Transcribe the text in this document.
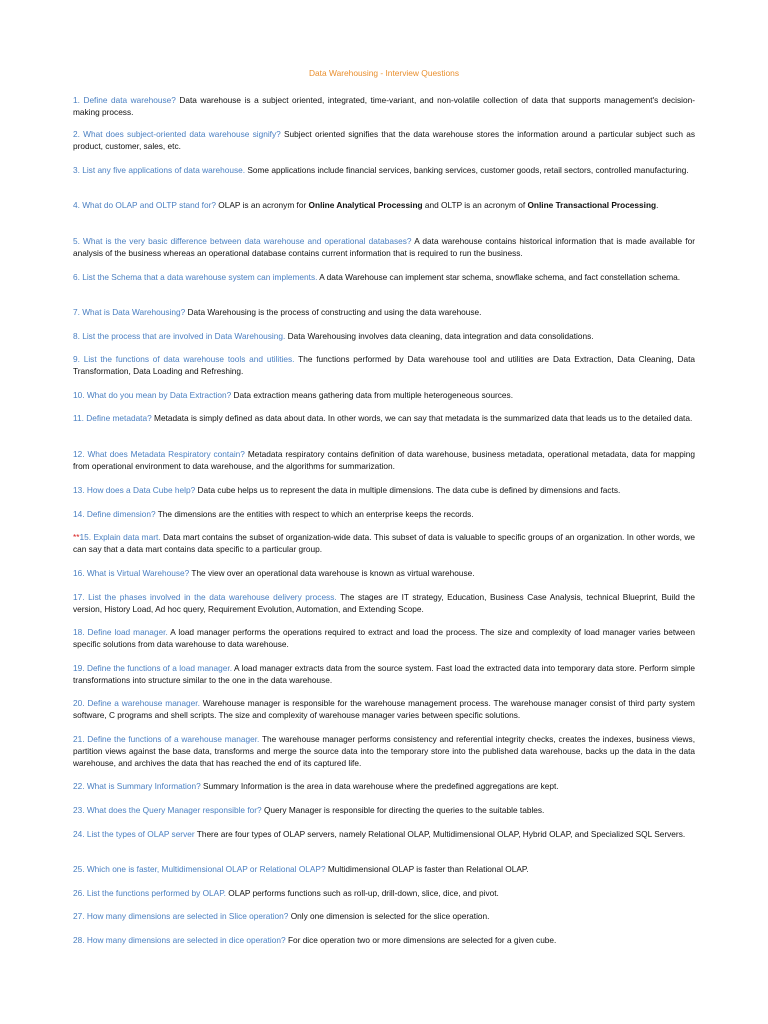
Data Warehousing - Interview Questions
1. Define data warehouse? Data warehouse is a subject oriented, integrated, time-variant, and non-volatile collection of data that supports management's decision-making process.
2. What does subject-oriented data warehouse signify? Subject oriented signifies that the data warehouse stores the information around a particular subject such as product, customer, sales, etc.
3. List any five applications of data warehouse. Some applications include financial services, banking services, customer goods, retail sectors, controlled manufacturing.
4. What do OLAP and OLTP stand for? OLAP is an acronym for Online Analytical Processing and OLTP is an acronym of Online Transactional Processing.
5. What is the very basic difference between data warehouse and operational databases? A data warehouse contains historical information that is made available for analysis of the business whereas an operational database contains current information that is required to run the business.
6. List the Schema that a data warehouse system can implements. A data Warehouse can implement star schema, snowflake schema, and fact constellation schema.
7. What is Data Warehousing? Data Warehousing is the process of constructing and using the data warehouse.
8. List the process that are involved in Data Warehousing. Data Warehousing involves data cleaning, data integration and data consolidations.
9. List the functions of data warehouse tools and utilities. The functions performed by Data warehouse tool and utilities are Data Extraction, Data Cleaning, Data Transformation, Data Loading and Refreshing.
10. What do you mean by Data Extraction? Data extraction means gathering data from multiple heterogeneous sources.
11. Define metadata? Metadata is simply defined as data about data. In other words, we can say that metadata is the summarized data that leads us to the detailed data.
12. What does Metadata Respiratory contain? Metadata respiratory contains definition of data warehouse, business metadata, operational metadata, data for mapping from operational environment to data warehouse, and the algorithms for summarization.
13. How does a Data Cube help? Data cube helps us to represent the data in multiple dimensions. The data cube is defined by dimensions and facts.
14. Define dimension? The dimensions are the entities with respect to which an enterprise keeps the records.
**15. Explain data mart. Data mart contains the subset of organization-wide data. This subset of data is valuable to specific groups of an organization. In other words, we can say that a data mart contains data specific to a particular group.
16. What is Virtual Warehouse? The view over an operational data warehouse is known as virtual warehouse.
17. List the phases involved in the data warehouse delivery process. The stages are IT strategy, Education, Business Case Analysis, technical Blueprint, Build the version, History Load, Ad hoc query, Requirement Evolution, Automation, and Extending Scope.
18. Define load manager. A load manager performs the operations required to extract and load the process. The size and complexity of load manager varies between specific solutions from data warehouse to data warehouse.
19. Define the functions of a load manager. A load manager extracts data from the source system. Fast load the extracted data into temporary data store. Perform simple transformations into structure similar to the one in the data warehouse.
20. Define a warehouse manager. Warehouse manager is responsible for the warehouse management process. The warehouse manager consist of third party system software, C programs and shell scripts. The size and complexity of warehouse manager varies between specific solutions.
21. Define the functions of a warehouse manager. The warehouse manager performs consistency and referential integrity checks, creates the indexes, business views, partition views against the base data, transforms and merge the source data into the temporary store into the published data warehouse, backs up the data in the data warehouse, and archives the data that has reached the end of its captured life.
22. What is Summary Information? Summary Information is the area in data warehouse where the predefined aggregations are kept.
23. What does the Query Manager responsible for? Query Manager is responsible for directing the queries to the suitable tables.
24. List the types of OLAP server There are four types of OLAP servers, namely Relational OLAP, Multidimensional OLAP, Hybrid OLAP, and Specialized SQL Servers.
25. Which one is faster, Multidimensional OLAP or Relational OLAP? Multidimensional OLAP is faster than Relational OLAP.
26. List the functions performed by OLAP. OLAP performs functions such as roll-up, drill-down, slice, dice, and pivot.
27. How many dimensions are selected in Slice operation? Only one dimension is selected for the slice operation.
28. How many dimensions are selected in dice operation? For dice operation two or more dimensions are selected for a given cube.
